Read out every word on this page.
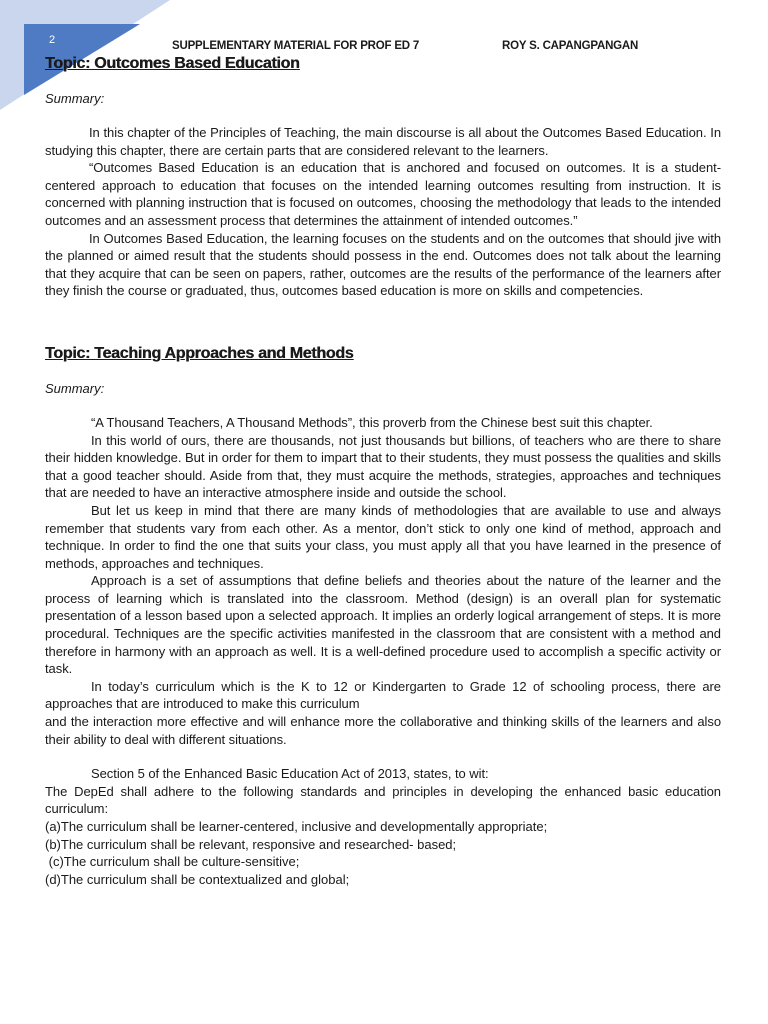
2	SUPPLEMENTARY MATERIAL FOR PROF ED 7	ROY S. CAPANGPANGAN
Topic: Outcomes Based Education

Summary:

In this chapter of the Principles of Teaching, the main discourse is all about the Outcomes Based Education. In studying this chapter, there are certain parts that are considered relevant to the learners.

“Outcomes Based Education is an education that is anchored and focused on outcomes. It is a student-centered approach to education that focuses on the intended learning outcomes resulting from instruction. It is concerned with planning instruction that is focused on outcomes, choosing the methodology that leads to the intended outcomes and an assessment process that determines the attainment of intended outcomes.”

In Outcomes Based Education, the learning focuses on the students and on the outcomes that should jive with the planned or aimed result that the students should possess in the end. Outcomes does not talk about the learning that they acquire that can be seen on papers, rather, outcomes are the results of the performance of the learners after they finish the course or graduated, thus, outcomes based education is more on skills and competencies.

Topic: Teaching Approaches and Methods

Summary:

“A Thousand Teachers, A Thousand Methods”, this proverb from the Chinese best suit this chapter.

In this world of ours, there are thousands, not just thousands but billions, of teachers who are there to share their hidden knowledge. But in order for them to impart that to their students, they must possess the qualities and skills that a good teacher should. Aside from that, they must acquire the methods, strategies, approaches and techniques that are needed to have an interactive atmosphere inside and outside the school.

But let us keep in mind that there are many kinds of methodologies that are available to use and always remember that students vary from each other. As a mentor, don’t stick to only one kind of method, approach and technique. In order to find the one that suits your class, you must apply all that you have learned in the presence of methods, approaches and techniques.

Approach is a set of assumptions that define beliefs and theories about the nature of the learner and the process of learning which is translated into the classroom. Method (design) is an overall plan for systematic presentation of a lesson based upon a selected approach. It implies an orderly logical arrangement of steps. It is more procedural. Techniques are the specific activities manifested in the classroom that are consistent with a method and therefore in harmony with an approach as well. It is a well-defined procedure used to accomplish a specific activity or task.

In today’s curriculum which is the K to 12 or Kindergarten to Grade 12 of schooling process, there are approaches that are introduced to make this curriculum

and the interaction more effective and will enhance more the collaborative and thinking skills of the learners and also their ability to deal with different situations.

Section 5 of the Enhanced Basic Education Act of 2013, states, to wit:

The DepEd shall adhere to the following standards and principles in developing the enhanced basic education curriculum:

(a)The curriculum shall be learner-centered, inclusive and developmentally appropriate;

(b)The curriculum shall be relevant, responsive and researched- based;

(c)The curriculum shall be culture-sensitive;

(d)The curriculum shall be contextualized and global;
